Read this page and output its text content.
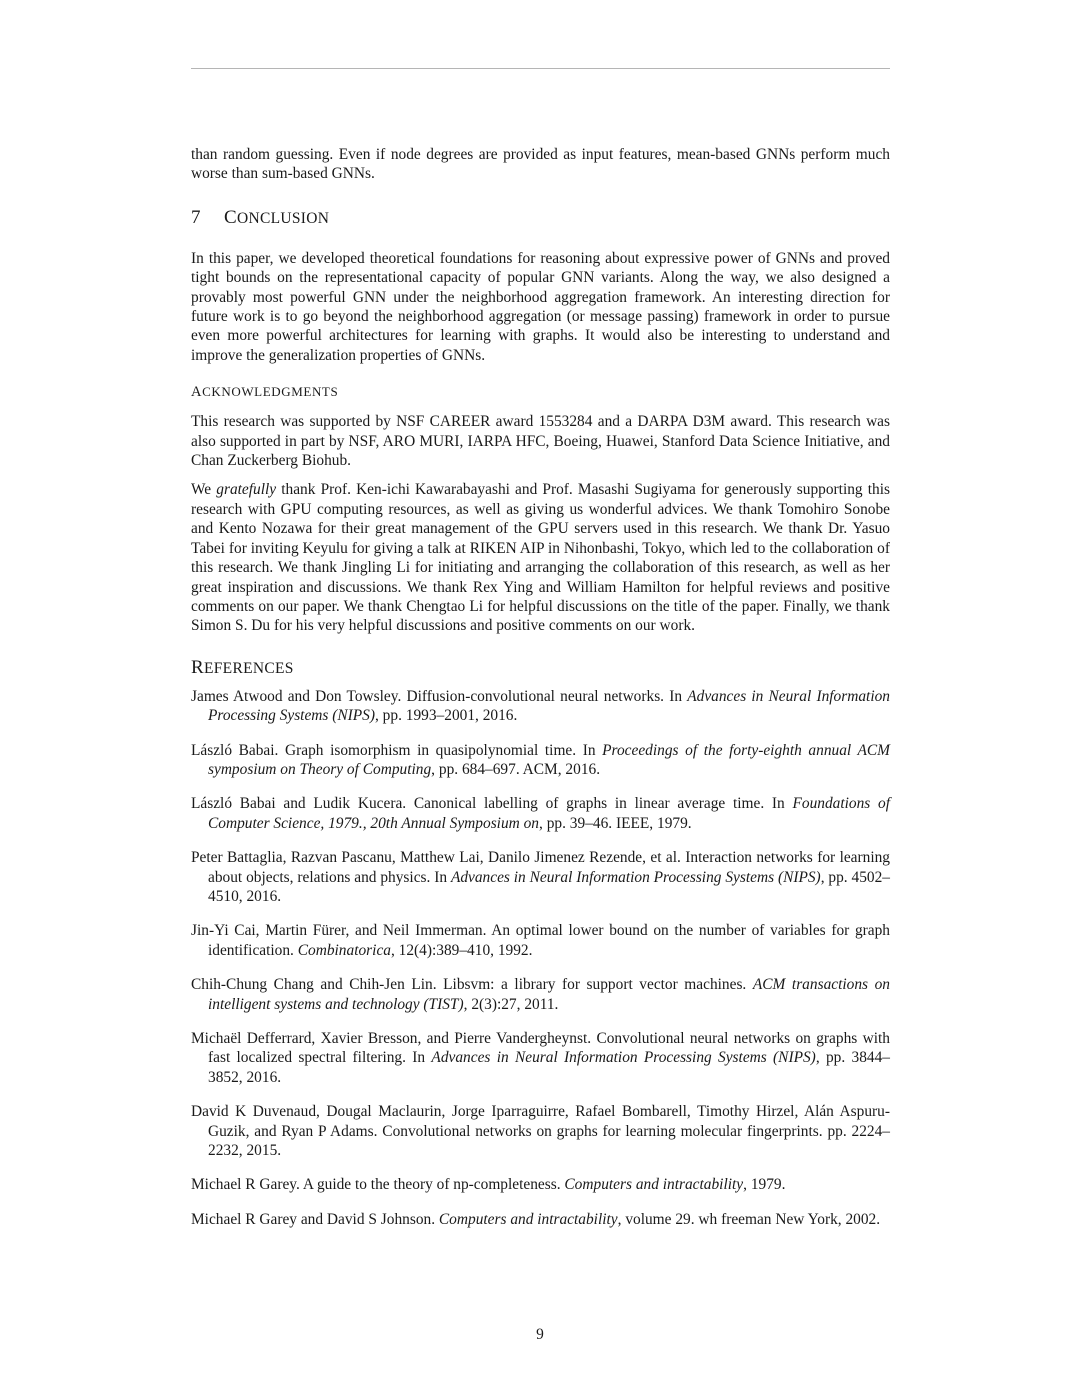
than random guessing. Even if node degrees are provided as input features, mean-based GNNs perform much worse than sum-based GNNs.

7 CONCLUSION

In this paper, we developed theoretical foundations for reasoning about expressive power of GNNs and proved tight bounds on the representational capacity of popular GNN variants. Along the way, we also designed a provably most powerful GNN under the neighborhood aggregation framework. An interesting direction for future work is to go beyond the neighborhood aggregation (or message passing) framework in order to pursue even more powerful architectures for learning with graphs. It would also be interesting to understand and improve the generalization properties of GNNs.

ACKNOWLEDGMENTS

This research was supported by NSF CAREER award 1553284 and a DARPA D3M award. This research was also supported in part by NSF, ARO MURI, IARPA HFC, Boeing, Huawei, Stanford Data Science Initiative, and Chan Zuckerberg Biohub.

We gratefully thank Prof. Ken-ichi Kawarabayashi and Prof. Masashi Sugiyama for generously supporting this research with GPU computing resources, as well as giving us wonderful advices. We thank Tomohiro Sonobe and Kento Nozawa for their great management of the GPU servers used in this research. We thank Dr. Yasuo Tabei for inviting Keyulu for giving a talk at RIKEN AIP in Nihonbashi, Tokyo, which led to the collaboration of this research. We thank Jingling Li for initiating and arranging the collaboration of this research, as well as her great inspiration and discussions. We thank Rex Ying and William Hamilton for helpful reviews and positive comments on our paper. We thank Chengtao Li for helpful discussions on the title of the paper. Finally, we thank Simon S. Du for his very helpful discussions and positive comments on our work.

REFERENCES
James Atwood and Don Towsley. Diffusion-convolutional neural networks. In Advances in Neural Information Processing Systems (NIPS), pp. 1993–2001, 2016.
László Babai. Graph isomorphism in quasipolynomial time. In Proceedings of the forty-eighth annual ACM symposium on Theory of Computing, pp. 684–697. ACM, 2016.
László Babai and Ludik Kucera. Canonical labelling of graphs in linear average time. In Foundations of Computer Science, 1979., 20th Annual Symposium on, pp. 39–46. IEEE, 1979.
Peter Battaglia, Razvan Pascanu, Matthew Lai, Danilo Jimenez Rezende, et al. Interaction networks for learning about objects, relations and physics. In Advances in Neural Information Processing Systems (NIPS), pp. 4502–4510, 2016.
Jin-Yi Cai, Martin Fürer, and Neil Immerman. An optimal lower bound on the number of variables for graph identification. Combinatorica, 12(4):389–410, 1992.
Chih-Chung Chang and Chih-Jen Lin. Libsvm: a library for support vector machines. ACM transactions on intelligent systems and technology (TIST), 2(3):27, 2011.
Michaël Defferrard, Xavier Bresson, and Pierre Vandergheynst. Convolutional neural networks on graphs with fast localized spectral filtering. In Advances in Neural Information Processing Systems (NIPS), pp. 3844–3852, 2016.
David K Duvenaud, Dougal Maclaurin, Jorge Iparraguirre, Rafael Bombarell, Timothy Hirzel, Alán Aspuru-Guzik, and Ryan P Adams. Convolutional networks on graphs for learning molecular fingerprints. pp. 2224–2232, 2015.
Michael R Garey. A guide to the theory of np-completeness. Computers and intractability, 1979.
Michael R Garey and David S Johnson. Computers and intractability, volume 29. wh freeman New York, 2002.
9
